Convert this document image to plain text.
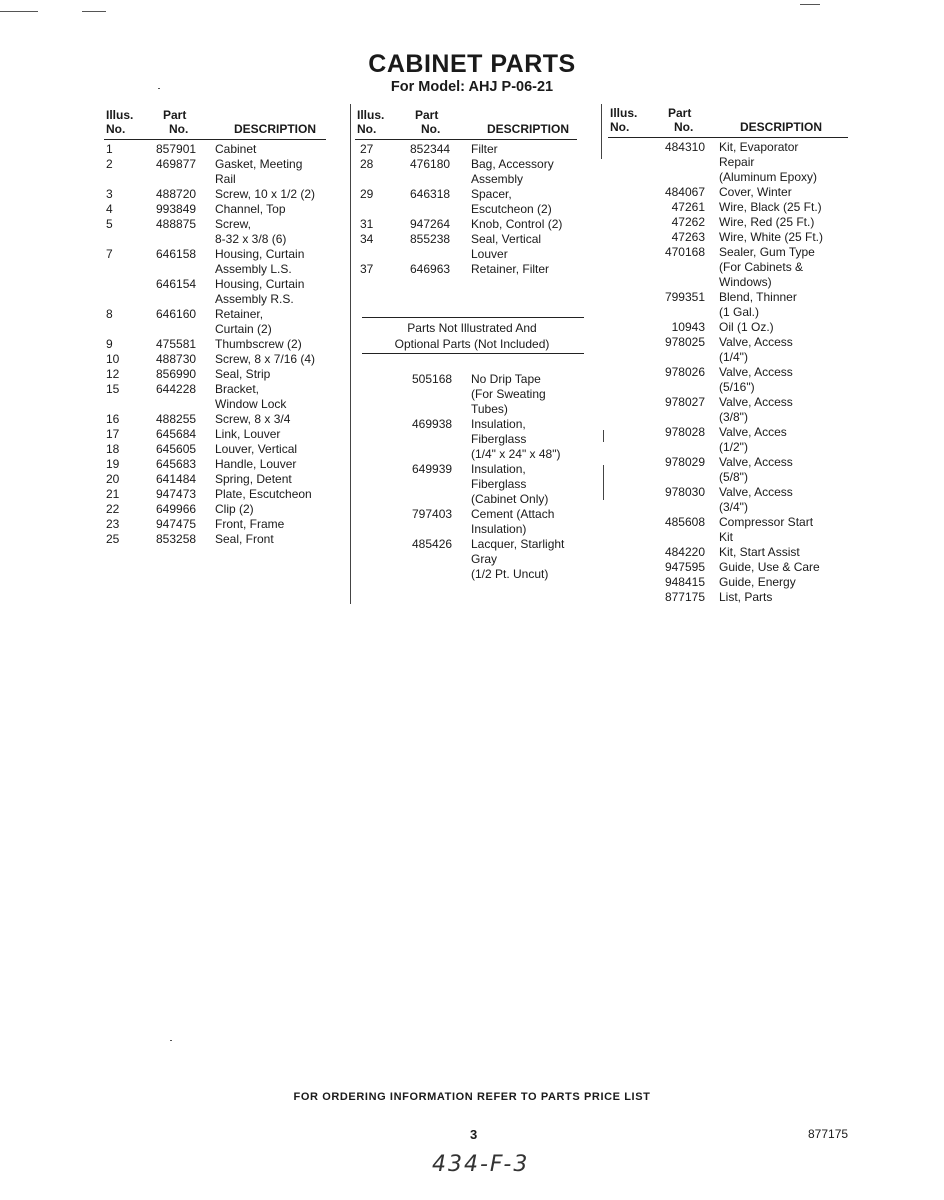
CABINET PARTS
For Model: AHJ P-06-21
Illus.
No.
Part
No.	DESCRIPTION
Illus.
No.
Part
No.	DESCRIPTION
Illus.
No.
Part
No.	DESCRIPTION
1	857901 Cabinet
2	469877 Gasket, Meeting
Rail
3	488720 Screw, 10 x 1/2 (2)
4	993849 Channel, Top
5	488875 Screw,
8-32 x 3/8 (6)
7	646158 Housing, Curtain
Assembly L.S.
646154 Housing, Curtain
Assembly R.S.
8	646160 Retainer,
Curtain (2)
9	475581 Thumbscrew (2)
10	488730 Screw, 8 x 7/16 (4)
12	856990 Seal, Strip
15	644228 Bracket,
Window Lock
16	488255 Screw, 8 x 3/4
17	645684 Link, Louver
18	645605 Louver, Vertical
19	645683 Handle, Louver
20	641484 Spring, Detent
21	947473 Plate, Escutcheon
22	649966 Clip (2)
23	947475 Front, Frame
25	853258 Seal, Front
27	852344 Filter
28	476180 Bag, Accessory
Assembly
29	646318 Spacer,
Escutcheon (2)
31	947264 Knob, Control (2)
34	855238 Seal, Vertical
Louver
37	646963 Retainer, Filter
505168 No Drip Tape
(For Sweating
Tubes)
469938 Insulation,
Fiberglass
(1/4" x 24" x 48")
649939 Insulation,
Fiberglass
(Cabinet Only)
797403 Cement (Attach
Insulation)
485426 Lacquer, Starlight
Gray
(1/2 Pt. Uncut)
Parts Not Illustrated And
Optional Parts (Not Included)
484310 Kit, Evaporator
Repair
(Aluminum Epoxy)
484067 Cover, Winter
47261 Wire, Black (25 Ft.)
47262 Wire, Red (25 Ft.)
47263 Wire, White (25 Ft.)
470168 Sealer, Gum Type
(For Cabinets &
Windows)
799351 Blend, Thinner
(1 Gal.)
10943 Oil (1 Oz.)
978025 Valve, Access
(1/4")
978026 Valve, Access
(5/16")
978027 Valve, Access
(3/8")
978028 Valve, Acces
(1/2")
978029 Valve, Access
(5/8")
978030 Valve, Access
(3/4")
485608 Compressor Start
Kit
484220 Kit, Start Assist
947595 Guide, Use & Care
948415 Guide, Energy
877175 List, Parts
FOR ORDERING INFORMATION REFER TO PARTS PRICE LIST
3	877175
434-F-3
